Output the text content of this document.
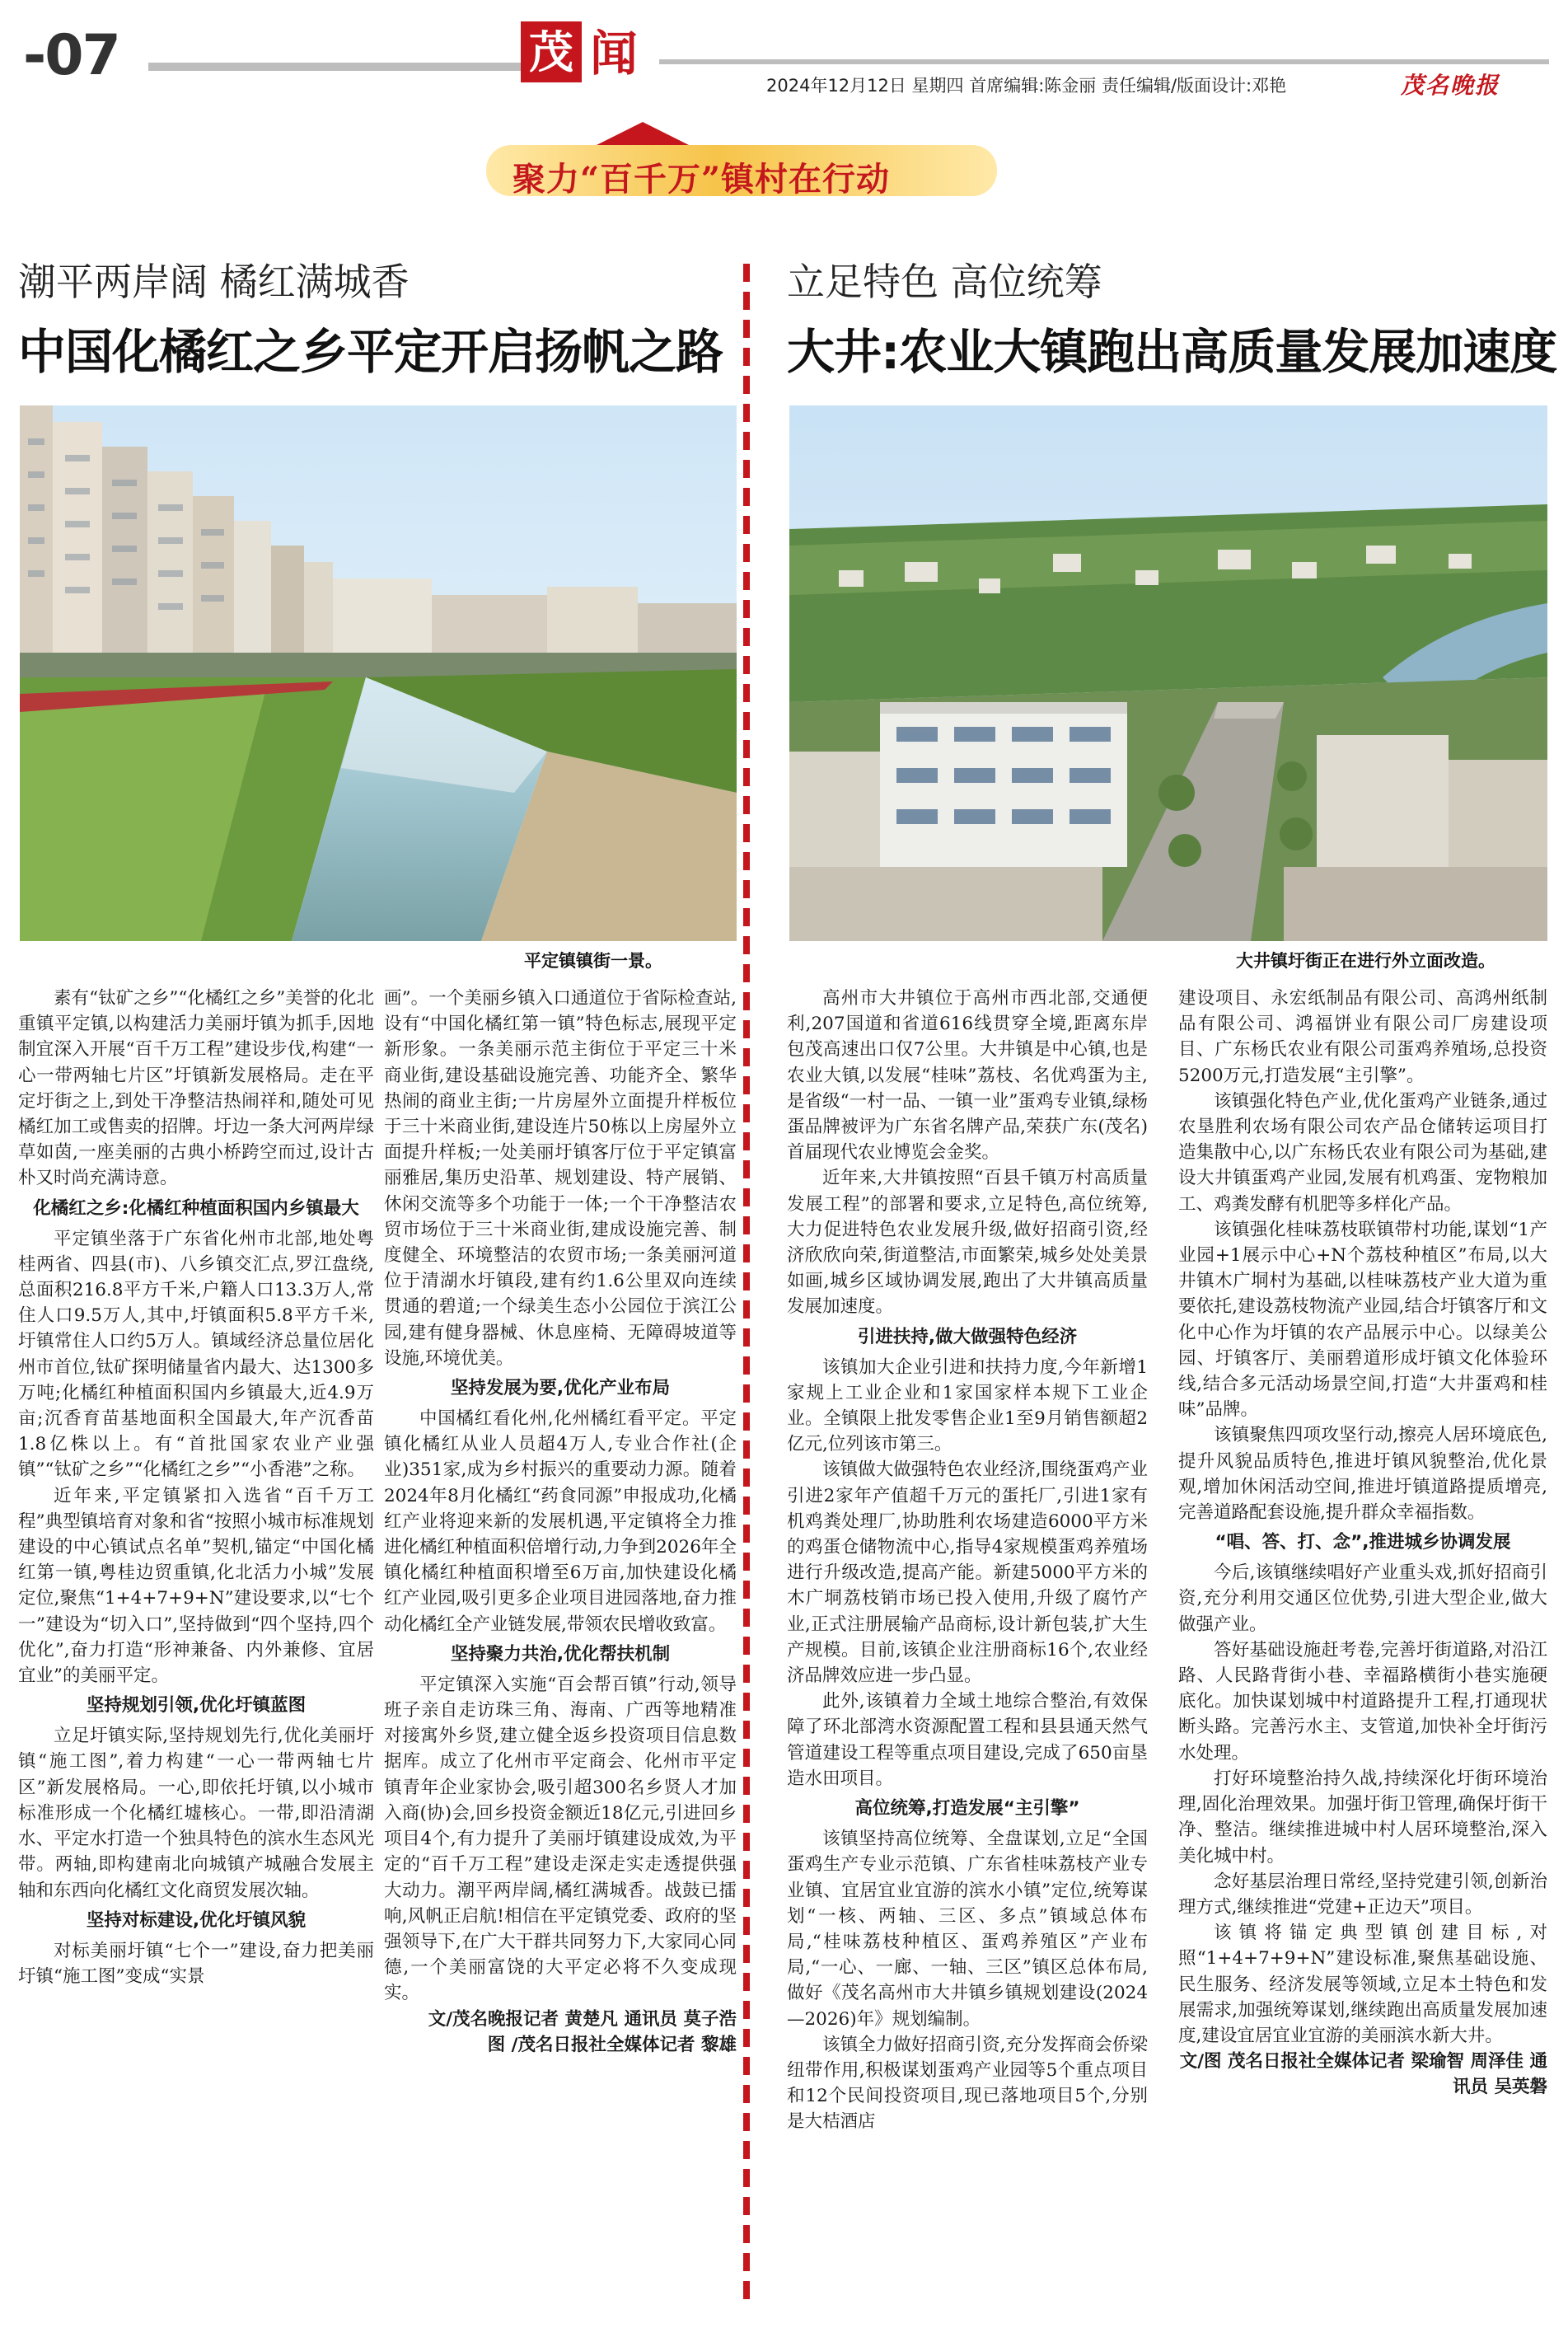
-07	茂 闻
2024年12月12日 星期四 首席编辑:陈金丽 责任编辑/版面设计:邓艳	茂名晚报
聚力“百千万”镇村在行动
潮平两岸阔 橘红满城香
中国化橘红之乡平定开启扬帆之路
平定镇镇街一景。

素有“钛矿之乡”“化橘红之乡”美誉的化北重镇平定镇,以构建活力美丽圩镇为抓手,因地制宜深入开展“百千万工程”建设步伐,构建“一心一带两轴七片区”圩镇新发展格局。走在平定圩街之上,到处干净整洁热闹祥和,随处可见橘红加工或售卖的招牌。圩边一条大河两岸绿草如茵,一座美丽的古典小桥跨空而过,设计古朴又时尚充满诗意。

化橘红之乡:化橘红种植面积国内乡镇最大

平定镇坐落于广东省化州市北部,地处粤桂两省、四县(市)、八乡镇交汇点,罗江盘绕,总面积216.8平方千米,户籍人口13.3万人,常住人口9.5万人,其中,圩镇面积5.8平方千米,圩镇常住人口约5万人。镇域经济总量位居化州市首位,钛矿探明储量省内最大、达1300多万吨;化橘红种植面积国内乡镇最大,近4.9万亩;沉香育苗基地面积全国最大,年产沉香苗1.8亿株以上。有“首批国家农业产业强镇”“钛矿之乡”“化橘红之乡”“小香港”之称。

近年来,平定镇紧扣入选省“百千万工程”典型镇培育对象和省“按照小城市标准规划建设的中心镇试点名单”契机,锚定“中国化橘红第一镇,粤桂边贸重镇,化北活力小城”发展定位,聚焦“1+4+7+9+N”建设要求,以“七个一”建设为“切入口”,坚持做到“四个坚持,四个优化”,奋力打造“形神兼备、内外兼修、宜居宜业”的美丽平定。

坚持规划引领,优化圩镇蓝图

立足圩镇实际,坚持规划先行,优化美丽圩镇“施工图”,着力构建“一心一带两轴七片区”新发展格局。一心,即依托圩镇,以小城市标准形成一个化橘红墟核心。一带,即沿清湖水、平定水打造一个独具特色的滨水生态风光带。两轴,即构建南北向城镇产城融合发展主轴和东西向化橘红文化商贸发展次轴。

坚持对标建设,优化圩镇风貌

对标美丽圩镇“七个一”建设,奋力把美丽圩镇“施工图”变成“实景

画”。一个美丽乡镇入口通道位于省际检查站,设有“中国化橘红第一镇”特色标志,展现平定新形象。一条美丽示范主街位于平定三十米商业街,建设基础设施完善、功能齐全、繁华热闹的商业主街;一片房屋外立面提升样板位于三十米商业街,建设连片50栋以上房屋外立面提升样板;一处美丽圩镇客厅位于平定镇富丽雅居,集历史沿革、规划建设、特产展销、休闲交流等多个功能于一体;一个干净整洁农贸市场位于三十米商业街,建成设施完善、制度健全、环境整洁的农贸市场;一条美丽河道位于清湖水圩镇段,建有约1.6公里双向连续贯通的碧道;一个绿美生态小公园位于滨江公园,建有健身器械、休息座椅、无障碍坡道等设施,环境优美。

坚持发展为要,优化产业布局

中国橘红看化州,化州橘红看平定。平定镇化橘红从业人员超4万人,专业合作社(企业)351家,成为乡村振兴的重要动力源。随着2024年8月化橘红“药食同源”申报成功,化橘红产业将迎来新的发展机遇,平定镇将全力推进化橘红种植面积倍增行动,力争到2026年全镇化橘红种植面积增至6万亩,加快建设化橘红产业园,吸引更多企业项目进园落地,奋力推动化橘红全产业链发展,带领农民增收致富。

坚持聚力共治,优化帮扶机制

平定镇深入实施“百会帮百镇”行动,领导班子亲自走访珠三角、海南、广西等地精准对接寓外乡贤,建立健全返乡投资项目信息数据库。成立了化州市平定商会、化州市平定镇青年企业家协会,吸引超300名乡贤人才加入商(协)会,回乡投资金额近18亿元,引进回乡项目4个,有力提升了美丽圩镇建设成效,为平定的“百千万工程”建设走深走实走透提供强大动力。潮平两岸阔,橘红满城香。战鼓已擂响,风帆正启航!相信在平定镇党委、政府的坚强领导下,在广大干群共同努力下,大家同心同德,一个美丽富饶的大平定必将不久变成现实。

文/茂名晚报记者 黄楚凡 通讯员 莫子浩

图 /茂名日报社全媒体记者 黎雄

立足特色 高位统筹
大井:农业大镇跑出高质量发展加速度
大井镇圩街正在进行外立面改造。

高州市大井镇位于高州市西北部,交通便利,207国道和省道616线贯穿全境,距离东岸包茂高速出口仅7公里。大井镇是中心镇,也是农业大镇,以发展“桂味”荔枝、名优鸡蛋为主,是省级“一村一品、一镇一业”蛋鸡专业镇,绿杨蛋品牌被评为广东省名牌产品,荣获广东(茂名)首届现代农业博览会金奖。

近年来,大井镇按照“百县千镇万村高质量发展工程”的部署和要求,立足特色,高位统筹,大力促进特色农业发展升级,做好招商引资,经济欣欣向荣,街道整洁,市面繁荣,城乡处处美景如画,城乡区域协调发展,跑出了大井镇高质量发展加速度。

引进扶持,做大做强特色经济

该镇加大企业引进和扶持力度,今年新增1家规上工业企业和1家国家样本规下工业企业。全镇限上批发零售企业1至9月销售额超2亿元,位列该市第三。

该镇做大做强特色农业经济,围绕蛋鸡产业引进2家年产值超千万元的蛋托厂,引进1家有机鸡粪处理厂,协助胜利农场建造6000平方米的鸡蛋仓储物流中心,指导4家规模蛋鸡养殖场进行升级改造,提高产能。新建5000平方米的木广垌荔枝销市场已投入使用,升级了腐竹产业,正式注册展输产品商标,设计新包装,扩大生产规模。目前,该镇企业注册商标16个,农业经济品牌效应进一步凸显。

此外,该镇着力全域土地综合整治,有效保障了环北部湾水资源配置工程和县县通天然气管道建设工程等重点项目建设,完成了650亩垦造水田项目。

高位统筹,打造发展“主引擎”

该镇坚持高位统筹、全盘谋划,立足“全国蛋鸡生产专业示范镇、广东省桂味荔枝产业专业镇、宜居宜业宜游的滨水小镇”定位,统筹谋划“一核、两轴、三区、多点”镇域总体布局,“桂味荔枝种植区、蛋鸡养殖区”产业布局,“一心、一廊、一轴、三区”镇区总体布局,做好《茂名高州市大井镇乡镇规划建设(2024—2026)年》规划编制。

该镇全力做好招商引资,充分发挥商会侨梁纽带作用,积极谋划蛋鸡产业园等5个重点项目和12个民间投资项目,现已落地项目5个,分别是大桔酒店

建设项目、永宏纸制品有限公司、高鸿州纸制品有限公司、鸿福饼业有限公司厂房建设项目、广东杨氏农业有限公司蛋鸡养殖场,总投资5200万元,打造发展“主引擎”。

该镇强化特色产业,优化蛋鸡产业链条,通过农垦胜利农场有限公司农产品仓储转运项目打造集散中心,以广东杨氏农业有限公司为基础,建设大井镇蛋鸡产业园,发展有机鸡蛋、宠物粮加工、鸡粪发酵有机肥等多样化产品。

该镇强化桂味荔枝联镇带村功能,谋划“1产业园+1展示中心+N个荔枝种植区”布局,以大井镇木广垌村为基础,以桂味荔枝产业大道为重要依托,建设荔枝物流产业园,结合圩镇客厅和文化中心作为圩镇的农产品展示中心。以绿美公园、圩镇客厅、美丽碧道形成圩镇文化体验环线,结合多元活动场景空间,打造“大井蛋鸡和桂味”品牌。

该镇聚焦四项攻坚行动,擦亮人居环境底色,提升风貌品质特色,推进圩镇风貌整治,优化景观,增加休闲活动空间,推进圩镇道路提质增亮,完善道路配套设施,提升群众幸福指数。

“唱、答、打、念”,推进城乡协调发展

今后,该镇继续唱好产业重头戏,抓好招商引资,充分利用交通区位优势,引进大型企业,做大做强产业。

答好基础设施赶考卷,完善圩街道路,对沿江路、人民路背街小巷、幸福路横街小巷实施硬底化。加快谋划城中村道路提升工程,打通现状断头路。完善污水主、支管道,加快补全圩街污水处理。

打好环境整治持久战,持续深化圩街环境治理,固化治理效果。加强圩街卫管理,确保圩街干净、整洁。继续推进城中村人居环境整治,深入美化城中村。

念好基层治理日常经,坚持党建引领,创新治理方式,继续推进“党建+正边天”项目。

该镇将锚定典型镇创建目标,对照“1+4+7+9+N”建设标准,聚焦基础设施、民生服务、经济发展等领域,立足本土特色和发展需求,加强统筹谋划,继续跑出高质量发展加速度,建设宜居宜业宜游的美丽滨水新大井。

文/图 茂名日报社全媒体记者 梁瑜智 周泽佳 通讯员 吴英磐
